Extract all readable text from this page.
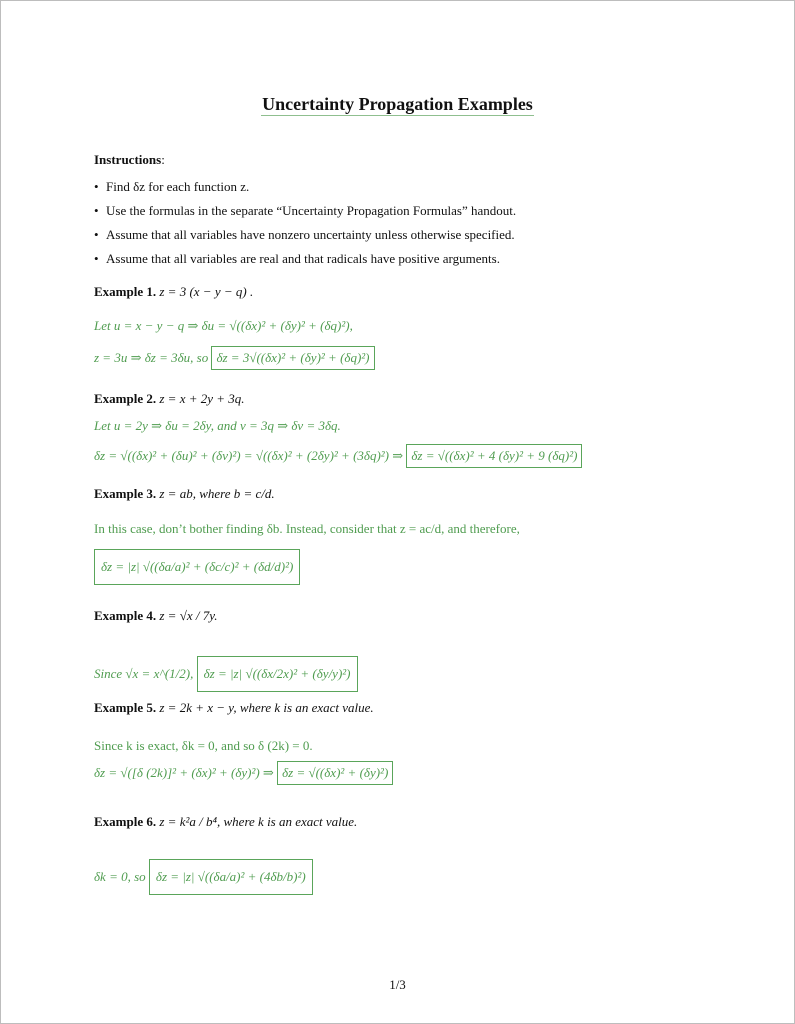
Uncertainty Propagation Examples
Instructions:
• Find δz for each function z.
• Use the formulas in the separate “Uncertainty Propagation Formulas” handout.
• Assume that all variables have nonzero uncertainty unless otherwise specified.
• Assume that all variables are real and that radicals have positive arguments.
Example 1. z = 3 (x − y − q) .
Let u = x − y − q ⇒ δu = √((δx)² + (δy)² + (δq)²),
z = 3u ⇒ δz = 3δu, so δz = 3√((δx)² + (δy)² + (δq)²)
Example 2. z = x + 2y + 3q.
Let u = 2y ⇒ δu = 2δy, and v = 3q ⇒ δv = 3δq.
δz = √((δx)² + (δu)² + (δv)²) = √((δx)² + (2δy)² + (3δq)²) ⇒ δz = √((δx)² + 4 (δy)² + 9 (δq)²)
Example 3. z = ab, where b = c/d.
In this case, don’t bother finding δb. Instead, consider that z = ac/d, and therefore,
δz = |z| √((δa/a)² + (δc/c)² + (δd/d)²)
Example 4. z = √x / 7y.
Since √x = x^(1/2), δz = |z| √((δx/2x)² + (δy/y)²)
Example 5. z = 2k + x − y, where k is an exact value.
Since k is exact, δk = 0, and so δ (2k) = 0.
δz = √([δ (2k)]² + (δx)² + (δy)²) ⇒ δz = √((δx)² + (δy)²)
Example 6. z = k²a / b⁴, where k is an exact value.
δk = 0, so δz = |z| √((δa/a)² + (4δb/b)²)
1/3
